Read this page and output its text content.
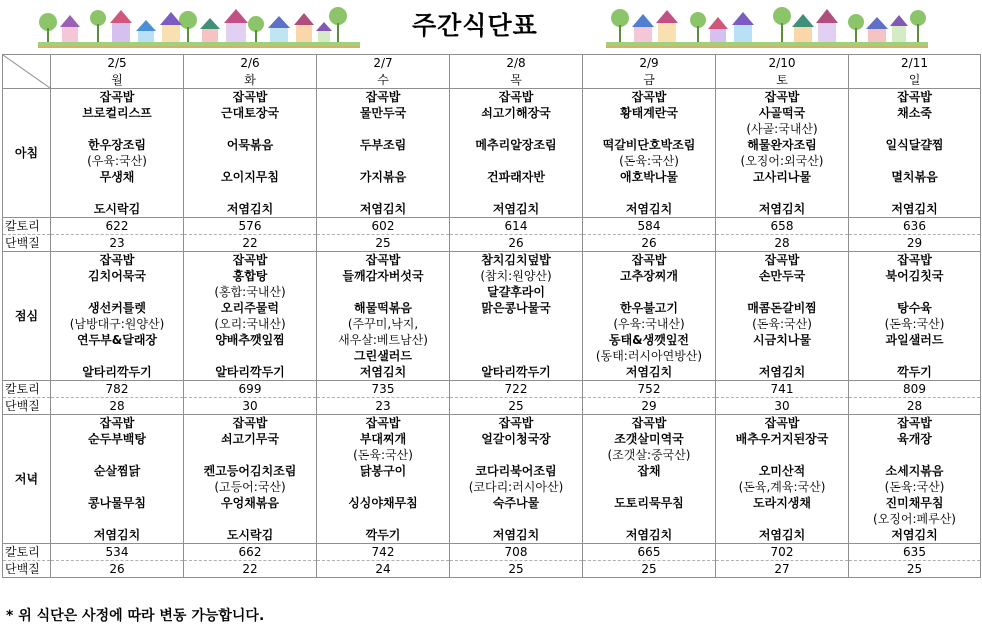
주간식단표
	2/5	2/6	2/7	2/8	2/9	2/10	2/11
	월	화	수	목	금	토	일
아침	잡곡밥	잡곡밥	잡곡밥	잡곡밥	잡곡밥	잡곡밥	잡곡밥
	브로컬리스프	근대토장국	물만두국	쇠고기해장국	황태계란국	사골떡국	채소죽
						(사골:국내산)	
	한우장조림	어묵볶음	두부조림	메추리알장조림	떡갈비단호박조림	해물완자조림	일식달걀찜
	(우육:국산)				(돈육:국산)	(오징어:외국산)	
	무생채	오이지무침	가지볶음	건파래자반	애호박나물	고사리나물	멸치볶음

	도시락김	저염김치	저염김치	저염김치	저염김치	저염김치	저염김치
칼토리	622	576	602	614	584	658	636
단백질	23	22	25	26	26	28	29
점심	잡곡밥	잡곡밥	잡곡밥	참치김치덮밥	잡곡밥	잡곡밥	잡곡밥
	김치어묵국	홍합탕	들깨감자버섯국	(참치:원양산)	고추장찌개	손만두국	북어김칫국
		(홍합:국내산)		달걀후라이			
	생선커틀렛	오리주물럭	해물떡볶음	맑은콩나물국	한우불고기	매콤돈갈비찜	탕수육
	(남방대구:원양산)	(오리:국내산)	(주꾸미,낙지,		(우육:국내산)	(돈육:국산)	(돈육:국산)
	연두부&달래장	양배추깻잎찜	새우살:베트남산)		동태&생깻잎전	시금치나물	과일샐러드
			그린샐러드		(동태:러시아연방산)		
	알타리깍두기	알타리깍두기	저염김치	알타리깍두기	저염김치	저염김치	깍두기
칼토리	782	699	735	722	752	741	809
단백질	28	30	23	25	29	30	28
저녁	잡곡밥	잡곡밥	잡곡밥	잡곡밥	잡곡밥	잡곡밥	잡곡밥
	순두부백탕	쇠고기무국	부대찌개	얼갈이청국장	조갯살미역국	배추우거지된장국	육개장
			(돈육:국산)		(조갯살:중국산)		
	순살찜닭	켄고등어김치조림	닭봉구이	코다리북어조림	잡채	오미산적	소세지볶음
		(고등어:국산)		(코다리:러시아산)		(돈육,계육:국산)	(돈육:국산)
	콩나물무침	우엉채볶음	싱싱야채무침	숙주나물	도토리묵무침	도라지생채	진미채무침
							(오징어:페루산)
	저염김치	도시락김	깍두기	저염김치	저염김치	저염김치	저염김치
칼토리	534	662	742	708	665	702	635
단백질	26	22	24	25	25	27	25
* 위 식단은 사정에 따라 변동 가능합니다.
